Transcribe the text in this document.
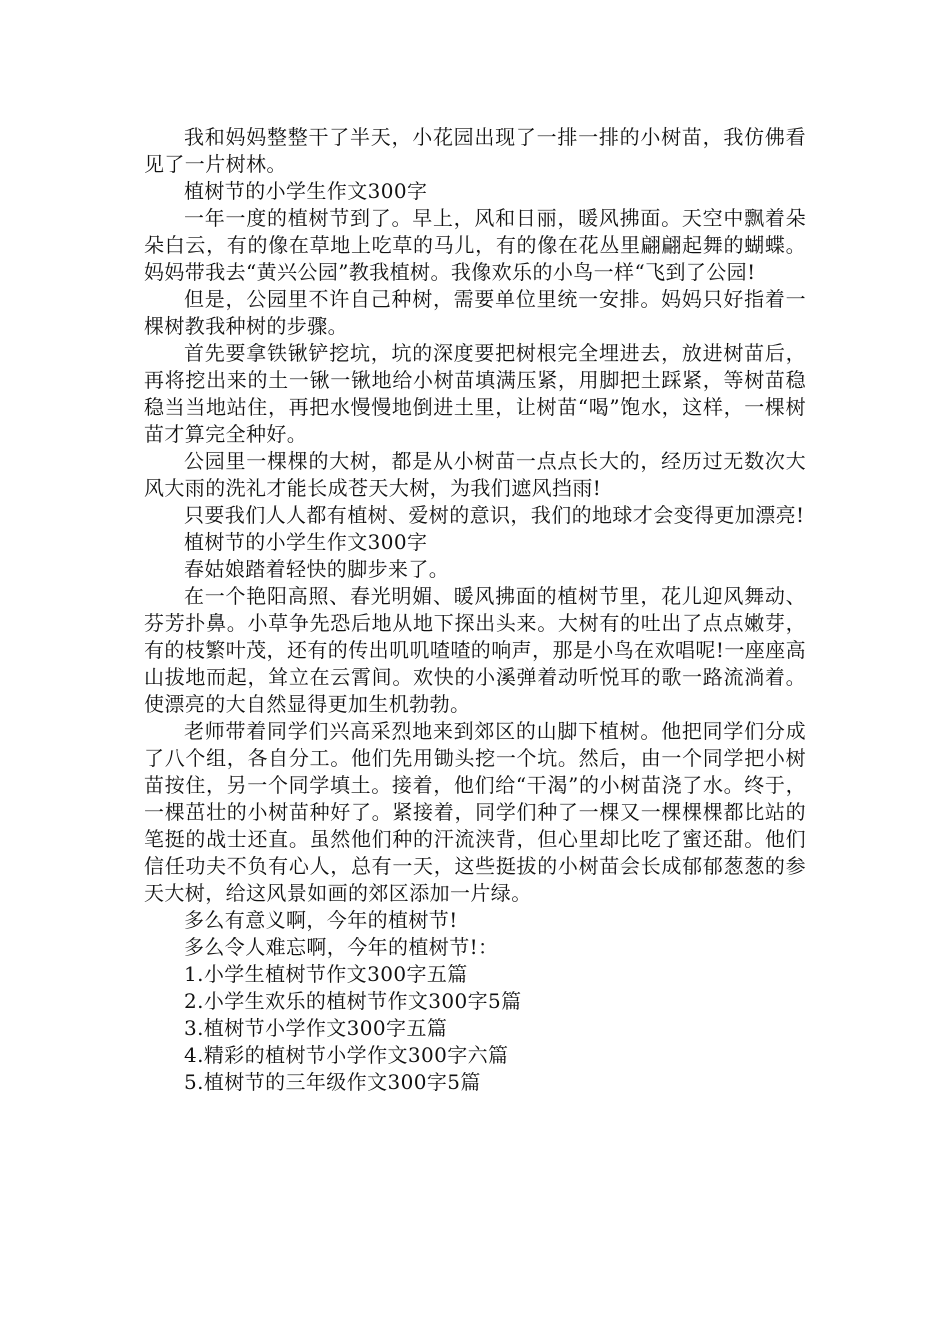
我和妈妈整整干了半天，小花园出现了一排一排的小树苗，我仿佛看见了一片树林。

植树节的小学生作文300字

一年一度的植树节到了。早上，风和日丽，暖风拂面。天空中飘着朵朵白云，有的像在草地上吃草的马儿，有的像在花丛里翩翩起舞的蝴蝶。妈妈带我去“黄兴公园”教我植树。我像欢乐的小鸟一样“飞到了公园!

但是，公园里不许自己种树，需要单位里统一安排。妈妈只好指着一棵树教我种树的步骤。

首先要拿铁锹铲挖坑，坑的深度要把树根完全埋进去，放进树苗后，再将挖出来的土一锹一锹地给小树苗填满压紧，用脚把土踩紧，等树苗稳稳当当地站住，再把水慢慢地倒进土里，让树苗“喝”饱水，这样，一棵树苗才算完全种好。

公园里一棵棵的大树，都是从小树苗一点点长大的，经历过无数次大风大雨的洗礼才能长成苍天大树，为我们遮风挡雨!

只要我们人人都有植树、爱树的意识，我们的地球才会变得更加漂亮!

植树节的小学生作文300字

春姑娘踏着轻快的脚步来了。

在一个艳阳高照、春光明媚、暖风拂面的植树节里，花儿迎风舞动、芬芳扑鼻。小草争先恐后地从地下探出头来。大树有的吐出了点点嫩芽，有的枝繁叶茂，还有的传出叽叽喳喳的响声，那是小鸟在欢唱呢!一座座高山拔地而起，耸立在云霄间。欢快的小溪弹着动听悦耳的歌一路流淌着。使漂亮的大自然显得更加生机勃勃。

老师带着同学们兴高采烈地来到郊区的山脚下植树。他把同学们分成了八个组，各自分工。他们先用锄头挖一个坑。然后，由一个同学把小树苗按住，另一个同学填土。接着，他们给“干渴”的小树苗浇了水。终于，一棵茁壮的小树苗种好了。紧接着，同学们种了一棵又一棵棵棵都比站的笔挺的战士还直。虽然他们种的汗流浃背，但心里却比吃了蜜还甜。他们信任功夫不负有心人，总有一天，这些挺拔的小树苗会长成郁郁葱葱的参天大树，给这风景如画的郊区添加一片绿。

多么有意义啊，今年的植树节!

多么令人难忘啊，今年的植树节!：

1.小学生植树节作文300字五篇

2.小学生欢乐的植树节作文300字5篇

3.植树节小学作文300字五篇

4.精彩的植树节小学作文300字六篇

5.植树节的三年级作文300字5篇
